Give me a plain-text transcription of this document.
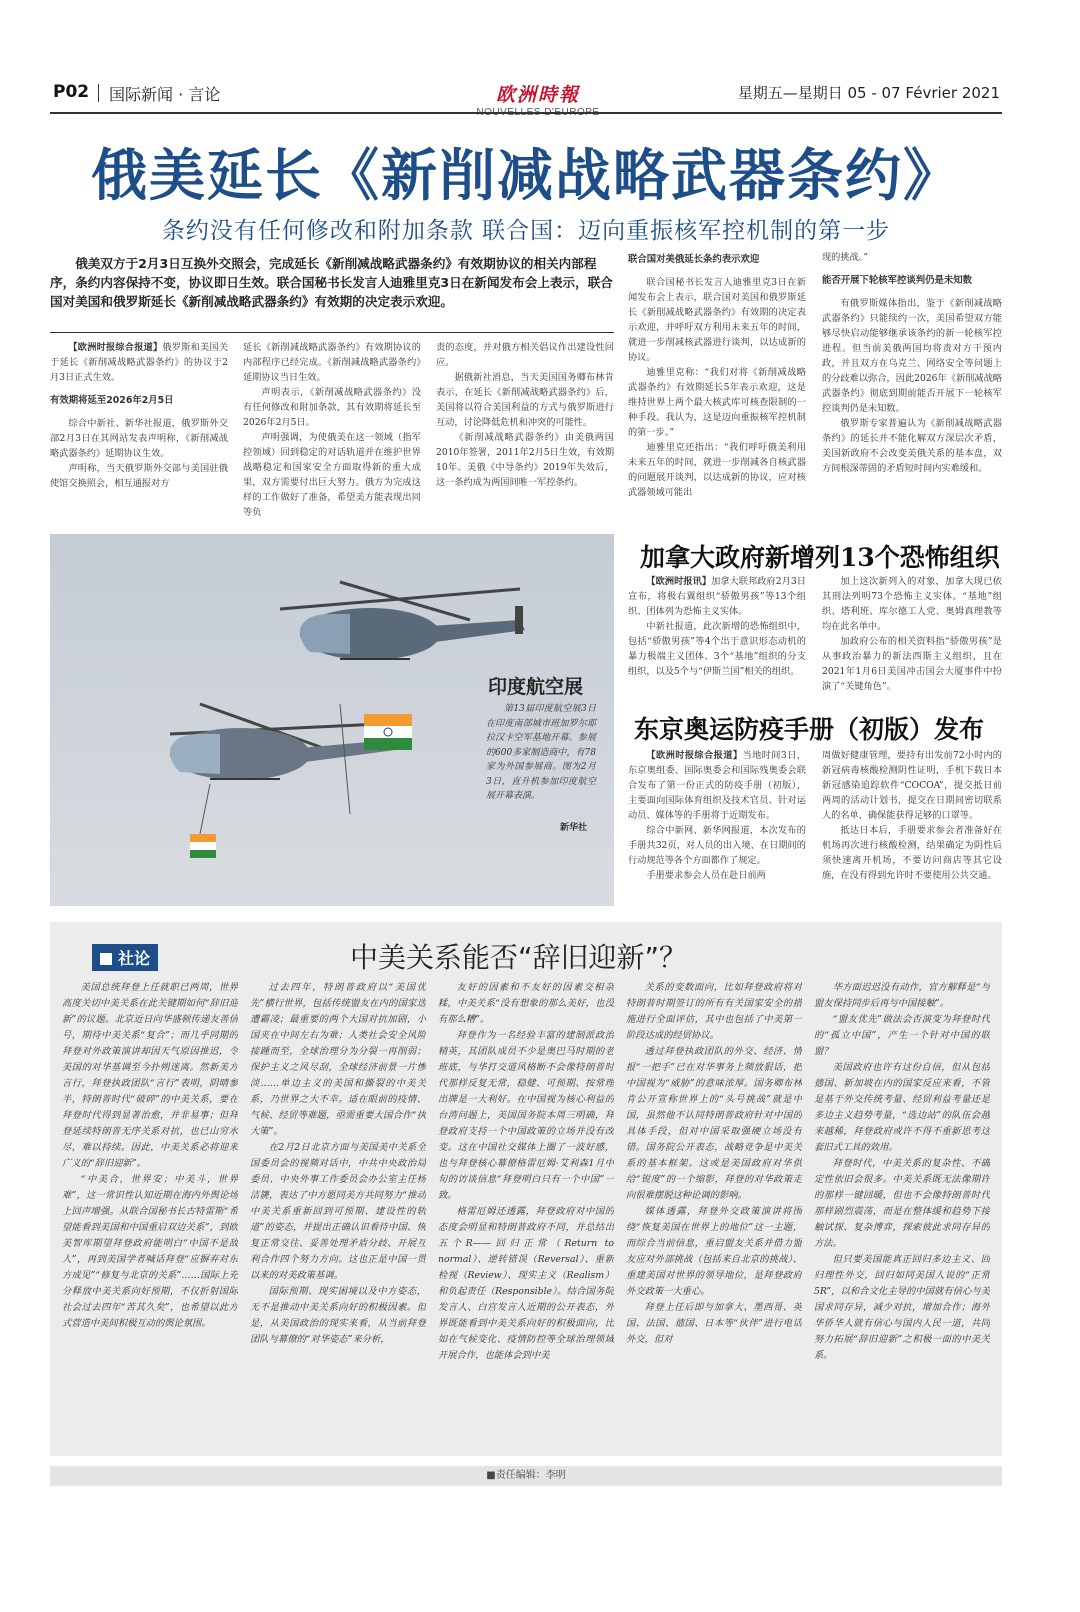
P02 国际新闻 · 言论	欧洲時報	星期五—星期日 05 - 07 Février 2021
俄美延长《新削减战略武器条约》
条约没有任何修改和附加条款 联合国：迈向重振核军控机制的第一步
俄美双方于2月3日互换外交照会，完成延长《新削减战略武器条约》有效期协议的相关内部程序，条约内容保持不变，协议即日生效。联合国秘书长发言人迪雅里克3日在新闻发布会上表示，联合国对美国和俄罗斯延长《新削减战略武器条约》有效期的决定表示欢迎。

【欧洲时报综合报道】俄罗斯和美国关于延长《新削减战略武器条约》的协议于2月3日正式生效。

有效期将延至2026年2月5日

综合中新社、新华社报道，俄罗斯外交部2月3日在其网站发表声明称，《新削减战略武器条约》延期协议生效。

声明称，当天俄罗斯外交部与美国驻俄使馆交换照会，相互通报对方

延长《新削减战略武器条约》有效期协议的内部程序已经完成。《新削减战略武器条约》延期协议当日生效。

声明表示，《新削减战略武器条约》没有任何修改和附加条款，其有效期将延长至2026年2月5日。

声明强调，为使俄美在这一领域（指军控领域）回到稳定的对话轨道并在维护世界战略稳定和国家安全方面取得新的重大成果，双方需要付出巨大努力。俄方为完成这样的工作做好了准备，希望美方能表现出同等负

责的态度，并对俄方相关倡议作出建设性回应。

据俄新社消息，当天美国国务卿布林肯表示，在延长《新削减战略武器条约》后，美国将以符合美国利益的方式与俄罗斯进行互动，讨论降低危机和冲突的可能性。

《新削减战略武器条约》由美俄两国2010年签署，2011年2月5日生效，有效期10年。美俄《中导条约》2019年失效后，这一条约成为两国间唯一军控条约。

联合国对美俄延长条约表示欢迎

联合国秘书长发言人迪雅里克3日在新闻发布会上表示，联合国对美国和俄罗斯延长《新削减战略武器条约》有效期的决定表示欢迎，并呼吁双方利用未来五年的时间，就进一步削减核武器进行谈判，以达成新的协议。

迪雅里克称：“我们对将《新削减战略武器条约》有效期延长5年表示欢迎，这是维持世界上两个最大核武库可核查限制的一种手段。我认为，这是迈向重振核军控机制的第一步。”

迪雅里克还指出：“我们呼吁俄美利用未来五年的时间，就进一步削减各自核武器的问题展开谈判，以达成新的协议，应对核武器领域可能出

现的挑战。”

能否开展下轮核军控谈判仍是未知数

有俄罗斯媒体指出，鉴于《新削减战略武器条约》只能续约一次，美国希望双方能够尽快启动能够继承该条约的新一轮核军控进程。但当前美俄两国均将责对方干预内政，并且双方在乌克兰、网络安全等问题上的分歧难以弥合，因此2026年《新削减战略武器条约》彻底到期前能否开展下一轮核军控谈判仍是未知数。

俄罗斯专家普遍认为《新削减战略武器条约》的延长并不能化解双方深层次矛盾，美国新政府不会改变美俄关系的基本盘，双方间根深蒂固的矛盾短时间内实难缓和。

印度航空展
第13届印度航空展3日在印度南部城市班加罗尔耶拉汉卡空军基地开幕。参展的600多家制造商中，有78家为外国参展商。图为2月3日，直升机参加印度航空展开幕表演。
新华社
加拿大政府新增列13个恐怖组织

【欧洲时报讯】加拿大联邦政府2月3日宣布，将极右翼组织“骄傲男孩”等13个组织、团体列为恐怖主义实体。

中新社报道，此次新增的恐怖组织中，包括“骄傲男孩”等4个出于意识形态动机的暴力极端主义团体、3个“基地”组织的分支组织，以及5个与“伊斯兰国”相关的组织。

加上这次新列入的对象，加拿大现已依其刑法列明73个恐怖主义实体。“基地”组织、塔利班、库尔德工人党、奥姆真理教等均在此名单中。

加政府公布的相关资料指“骄傲男孩”是从事政治暴力的新法西斯主义组织，且在2021年1月6日美国冲击国会大厦事件中扮演了“关键角色”。

东京奥运防疫手册（初版）发布

【欧洲时报综合报道】当地时间3日，东京奥组委、国际奥委会和国际残奥委会联合发布了第一份正式的防疫手册（初版），主要面向国际体育组织及技术官员、针对运动员、媒体等的手册将于近期发布。

综合中新网、新华网报道，本次发布的手册共32页，对人员的出入境、在日期间的行动规范等各个方面都作了规定。

手册要求参会人员在赴日前两

周做好健康管理，要持有出发前72小时内的新冠病毒核酸检测阴性证明，手机下载日本新冠感染追踪软件“COCOA”，提交抵日前两周的活动计划书，提交在日期间密切联系人的名单，确保能获得足够的口罩等。

抵达日本后，手册要求参会者准备好在机场再次进行核酸检测，结果确定为阴性后须快速离开机场，不要访问商店等其它设施，在没有得到允许时不要使用公共交通。

社论	中美关系能否“辞旧迎新”？

美国总统拜登上任就职已两周，世界高度关切中美关系在此关键期如何“辞旧迎新”的议题。北京近日向华盛顿传递友善信号，期待中美关系“复合”；而几乎同期的拜登对外政策演讲却因天气原因推迟，令美国的对华基调至今扑朔迷离。然新美方言行，拜登执政团队“言行”表明，阴晴参半，特朗普时代“破碎”的中美关系，要在拜登时代得到显著治愈，并非易事；但拜登延续特朗普无序关系对抗，也已山穷水尽，难以持续。因此，中美关系必将迎来广义的“辞旧迎新”。

“中美合，世界安；中美斗，世界难”，这一常识性认知近期在海内外舆论场上回声增强。从联合国秘书长古特雷斯“希望能看到美国和中国重启双边关系”，到欧美智库期望拜登政府能明白“中国不是敌人”，再到美国学者喊话拜登“应摒弃对东方成见”“修复与北京的关系”……国际上充分释放中美关系向好预期，不仅折射国际社会过去四年“苦其久矣”，也希望以此方式营造中美间积极互动的舆论氛围。

过去四年，特朗普政府以“美国优先”横行世界，包括传统盟友在内的国家迭遭霸凌；最重要的两个大国对抗加剧，小国夹在中间左右为难；人类社会安全风险接踵而至，全球治理分为分裂一再削弱；保护主义之风尽刮，全球经济前景一片惨淡……单边主义的美国和撕裂的中美关系，乃世界之大不幸。适在眼前的疫情、气候、经贸等难题，亟需重要大国合作“执大策”。

在2月2日北京方面与美国美中关系全国委员会的视频对话中，中共中央政治局委员、中央外事工作委员会办公室主任杨洁篪，表达了中方愿同美方共同努力“推动中美关系重新回到可预期、建设性的轨道”的姿态，并提出正确认识看待中国、恢复正常交往、妥善处理矛盾分歧、开展互利合作四个努力方向。这也正是中国一贯以来的对美政策基调。

国际预期、现实困境以及中方姿态，无不是推动中美关系向好的积极因素。但是，从美国政治的现实来看，从当前拜登团队与幕僚的“对华姿态”来分析，

友好的因素和不友好的因素交相杂糅，中美关系“没有想象的那么美好，也没有那么糟”。

拜登作为一名经验丰富的建制派政治精英，其团队成员不少是奥巴马时期的老班底，与华打交道风格断不会像特朗普时代那样反复无常，稳健、可预期、按常理出牌是一大利好。在中国视为核心利益的台湾问题上，美国国务院本周三明确，拜登政府支持一个中国政策的立场并没有改变。这在中国社交媒体上圈了一波好感，也与拜登核心幕僚格雷厄姆·艾利森1月中旬的访谈信息“拜登明白只有一个中国”一致。

格雷厄姆还透露，拜登政府对中国的态度会明显和特朗普政府不同，并总结出五个R——回归正常（Return to normal）、逆转错误（Reversal）、重新检视（Review）、现实主义（Realism）和负起责任（Responsible）。结合国务院发言人、白宫发言人近期的公开表态，外界既能看到中美关系向好的积极面向，比如在气候变化、疫情防控等全球治理领域开展合作，也能体会到中美

关系的变数面向，比如拜登政府将对特朗普时期签订的所有有关国家安全的措施进行全面评估，其中也包括了中美第一阶段达成的经贸协议。

透过拜登执政团队的外交、经济、情报“一把手”已在对华事务上频放狠话，把中国视为“威胁”的意味浓厚。国务卿布林肯公开宣称世界上的“头号挑战”就是中国，虽然他不认同特朗普政府针对中国的具体手段，但对中国采取强硬立场没有错。国务院公开表态，战略竞争是中美关系的基本框架。这或是美国政府对华供给“锐度”的一个缩影，拜登的对华政策走向很难摆脱这种论调的影响。

媒体透露，拜登外交政策演讲将围绕“恢复美国在世界上的地位”这一主题，而综合当前信息，重启盟友关系并借力盟友应对外部挑战（包括来自北京的挑战）、重建美国对世界的领导地位，是拜登政府外交政策一大重心。

拜登上任后即与加拿大、墨西哥、英国、法国、德国、日本等“伙伴”进行电话外交，但对

华方面迟迟没有动作，官方解释是“与盟友保持同步后再与中国接触”。

“盟友优先”做法会否演变为拜登时代的“孤立中国”，产生一个针对中国的联盟？

美国政府也许有这份自信，但从包括德国、新加坡在内的国家反应来看，不管是基于外交传统考量、经贸利益考量还是多边主义趋势考量，“选边站”的队伍会越来越稀，拜登政府或许不得不重新思考这套旧式工具的效用。

拜登时代，中美关系的复杂性、不确定性依旧会很多。中美关系既无法像期许的那样一键回暖，但也不会像特朗普时代那样剧烈震荡，而是在整体缓和趋势下接触试探、复杂博弈，探索彼此求同存异的方法。

但只要美国能真正回归多边主义、回归理性外交，回归如同美国人说的“正常5R”，以和合文化主导的中国就有信心与美国求同存异，减少对抗，增加合作；海外华侨华人就有信心与国内人民一道，共同努力拓展“辞旧迎新”之积极一面的中美关系。

■责任编辑：李明
